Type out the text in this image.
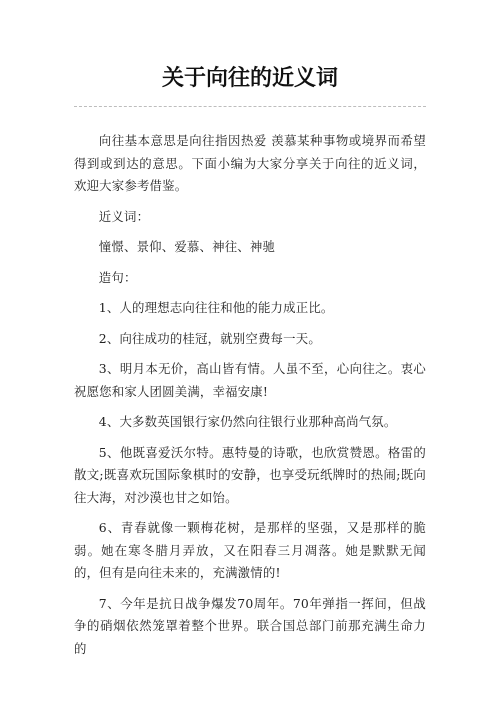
关于向往的近义词

向往基本意思是向往指因热爱 羡慕某种事物或境界而希望得到或到达的意思。下面小编为大家分享关于向往的近义词，欢迎大家参考借鉴。

近义词：

憧憬、景仰、爱慕、神往、神驰

造句：

1、人的理想志向往往和他的能力成正比。

2、向往成功的桂冠，就别空费每一天。

3、明月本无价，高山皆有情。人虽不至，心向往之。衷心祝愿您和家人团圆美满，幸福安康!

4、大多数英国银行家仍然向往银行业那种高尚气氛。

5、他既喜爱沃尔特。惠特曼的诗歌，也欣赏赞恩。格雷的散文;既喜欢玩国际象棋时的安静，也享受玩纸牌时的热闹;既向往大海，对沙漠也甘之如饴。

6、青春就像一颗梅花树，是那样的坚强，又是那样的脆弱。她在寒冬腊月弄放，又在阳春三月凋落。她是默默无闻的，但有是向往未来的，充满激情的!

7、今年是抗日战争爆发70周年。70年弹指一挥间，但战争的硝烟依然笼罩着整个世界。联合国总部门前那充满生命力的
